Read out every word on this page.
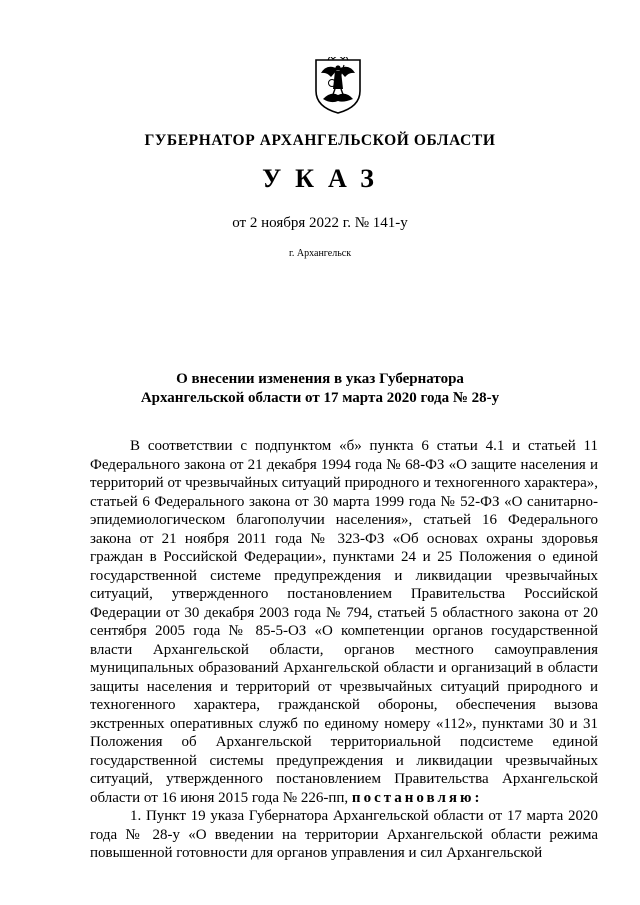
ГУБЕРНАТОР АРХАНГЕЛЬСКОЙ ОБЛАСТИ
УКАЗ
от 2 ноября 2022 г. № 141-у
г. Архангельск
О внесении изменения в указ Губернатора
Архангельской области от 17 марта 2020 года № 28-у

В соответствии с подпунктом «б» пункта 6 статьи 4.1 и статьей 11 Федерального закона от 21 декабря 1994 года № 68-ФЗ «О защите населения и территорий от чрезвычайных ситуаций природного и техногенного характера», статьей 6 Федерального закона от 30 марта 1999 года № 52-ФЗ «О санитарно-эпидемиологическом благополучии населения», статьей 16 Федерального закона от 21 ноября 2011 года № 323-ФЗ «Об основах охраны здоровья граждан в Российской Федерации», пунктами 24 и 25 Положения о единой государственной системе предупреждения и ликвидации чрезвычайных ситуаций, утвержденного постановлением Правительства Российской Федерации от 30 декабря 2003 года № 794, статьей 5 областного закона от 20 сентября 2005 года № 85-5-ОЗ «О компетенции органов государственной власти Архангельской области, органов местного самоуправления муниципальных образований Архангельской области и организаций в области защиты населения и территорий от чрезвычайных ситуаций природного и техногенного характера, гражданской обороны, обеспечения вызова экстренных оперативных служб по единому номеру «112», пунктами 30 и 31 Положения об Архангельской территориальной подсистеме единой государственной системы предупреждения и ликвидации чрезвычайных ситуаций, утвержденного постановлением Правительства Архангельской области от 16 июня 2015 года № 226-пп, постановляю:

1. Пункт 19 указа Губернатора Архангельской области от 17 марта 2020 года № 28-у «О введении на территории Архангельской области режима повышенной готовности для органов управления и сил Архангельской
